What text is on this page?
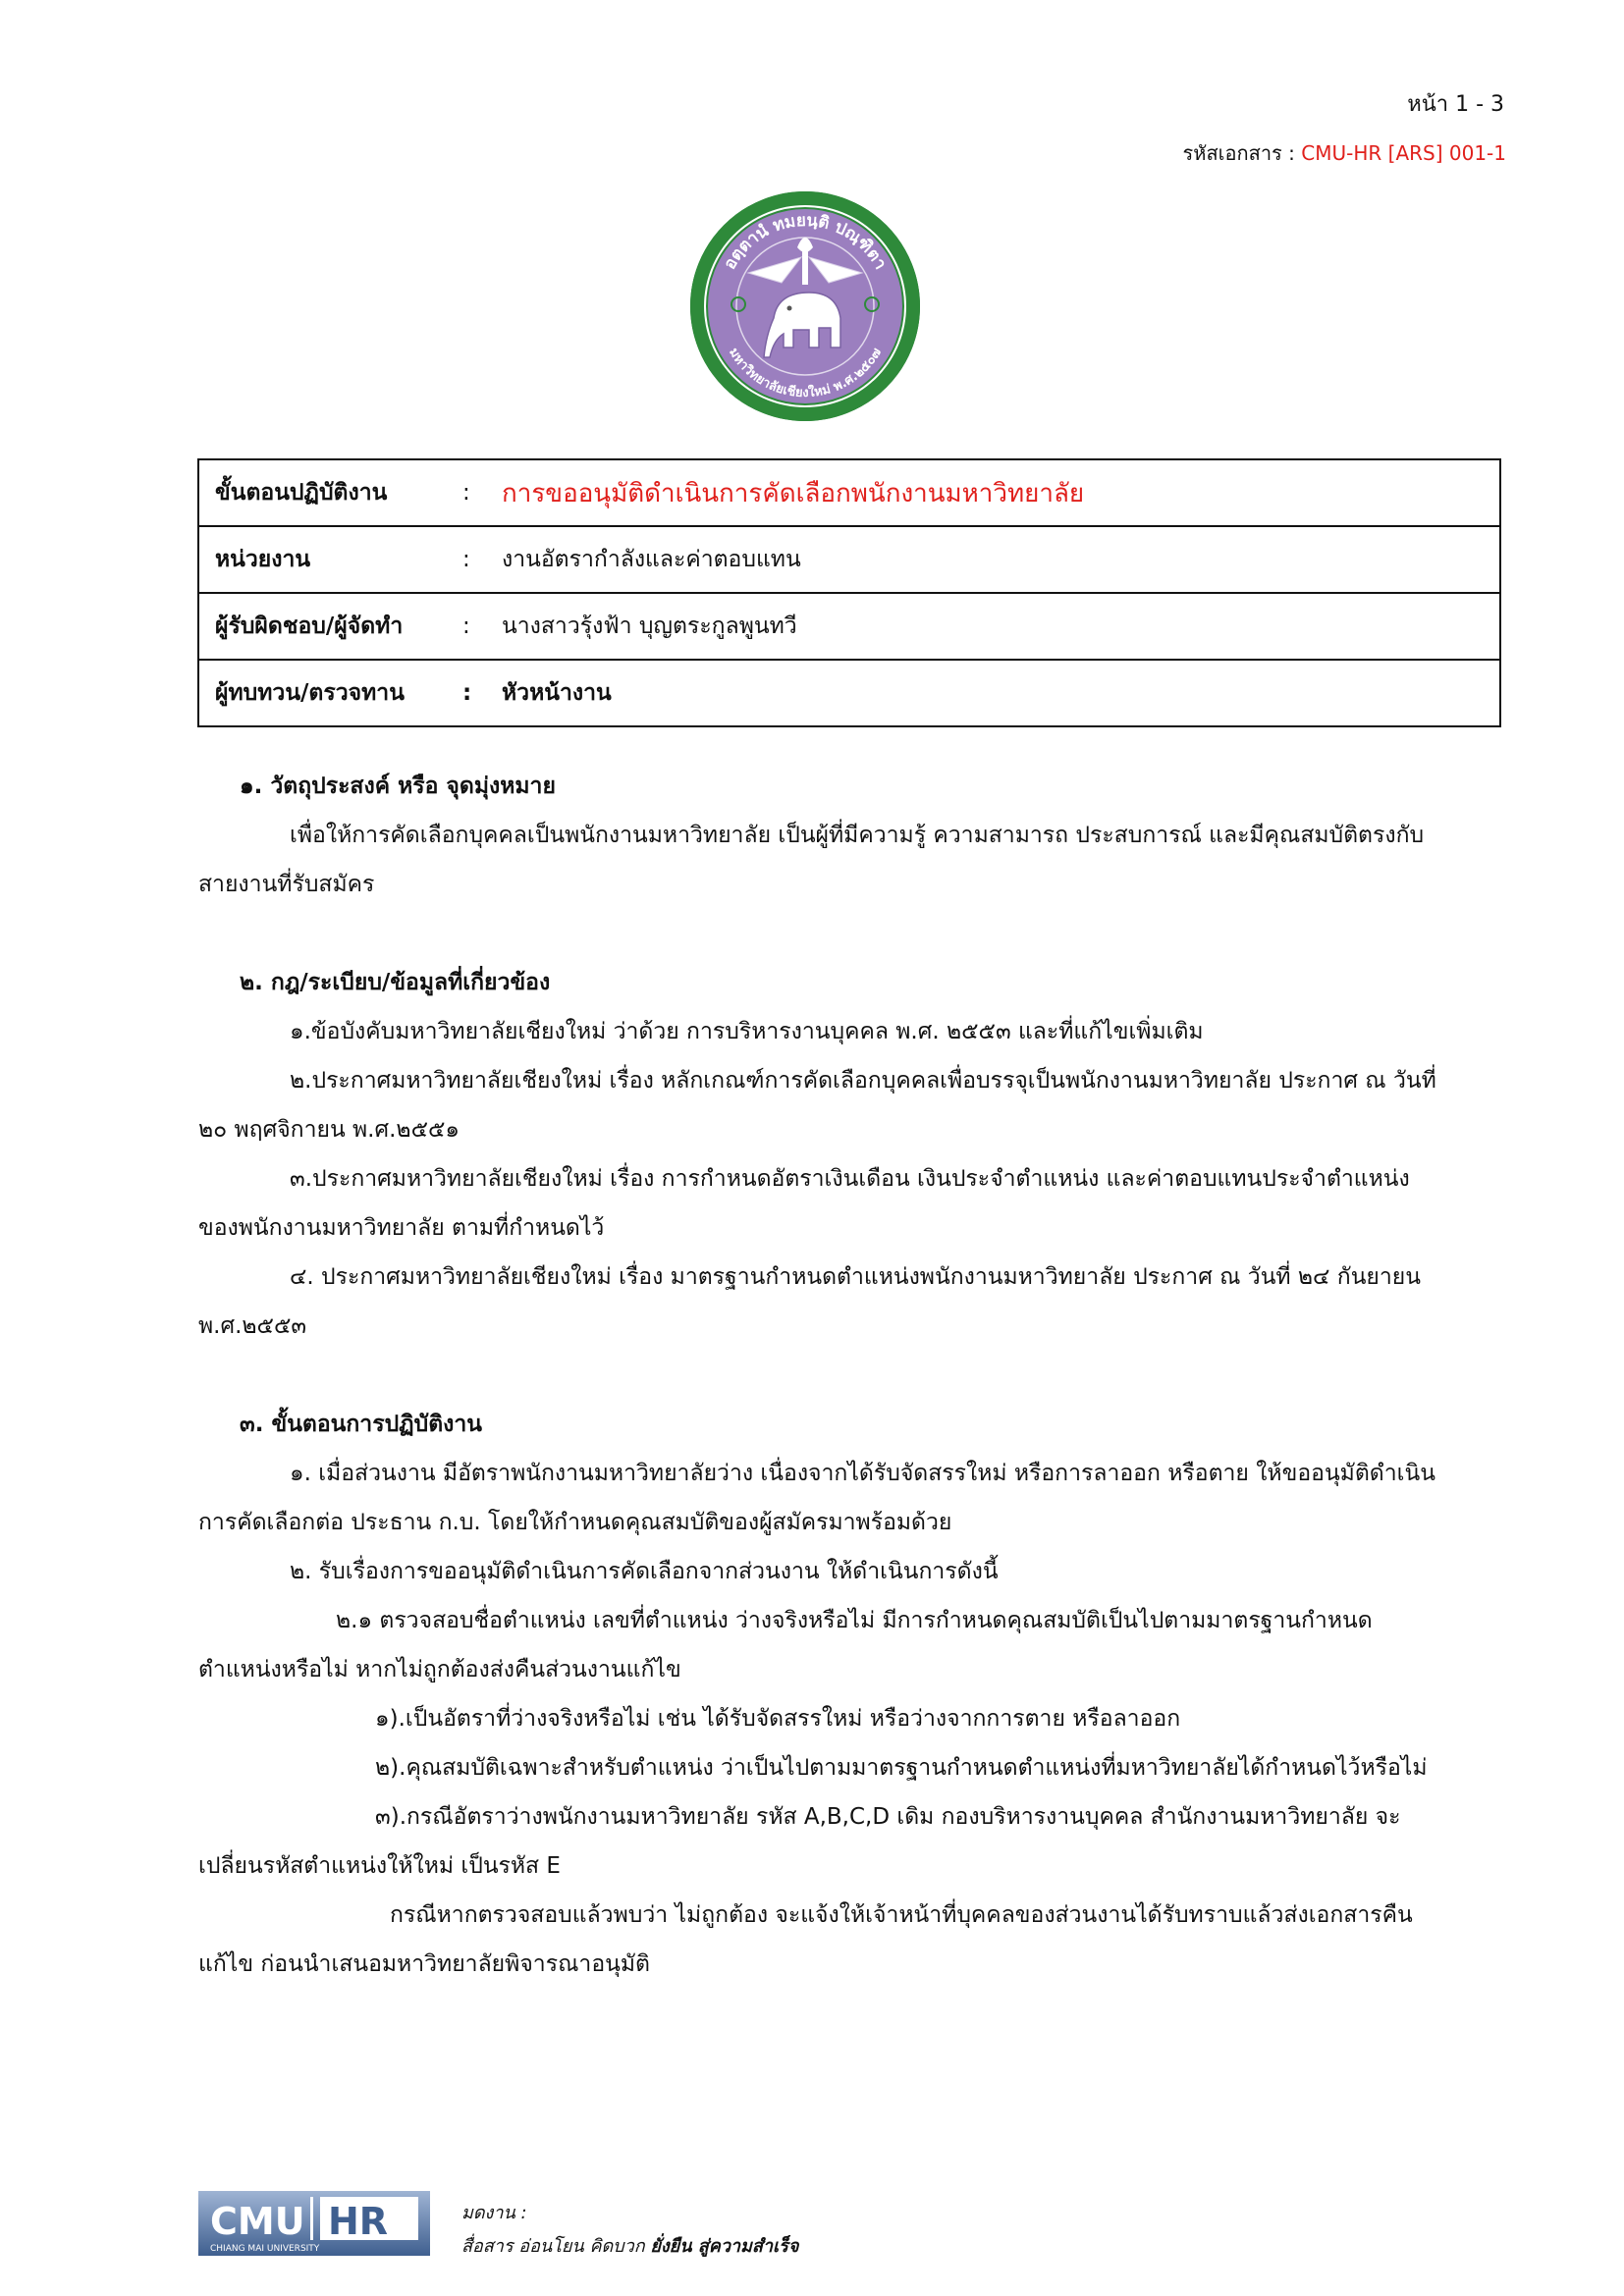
หน้า 1 - 3
รหัสเอกสาร : CMU-HR [ARS] 001-1
อตฺตานํ ทมยนฺติ ปณฺฑิตา
มหาวิทยาลัยเชียงใหม่ พ.ศ.๒๕๐๗
ขั้นตอนปฏิบัติงาน	:	การขออนุมัติดำเนินการคัดเลือกพนักงานมหาวิทยาลัย

หน่วยงาน	:	งานอัตรากำลังและค่าตอบแทน

ผู้รับผิดชอบ/ผู้จัดทำ	:	นางสาวรุ้งฟ้า บุญตระกูลพูนทวี

ผู้ทบทวน/ตรวจทาน	:	หัวหน้างาน
๑. วัตถุประสงค์ หรือ จุดมุ่งหมาย

เพื่อให้การคัดเลือกบุคคลเป็นพนักงานมหาวิทยาลัย เป็นผู้ที่มีความรู้ ความสามารถ ประสบการณ์ และมีคุณสมบัติตรงกับสายงานที่รับสมัคร

๒. กฎ/ระเบียบ/ข้อมูลที่เกี่ยวข้อง

๑.ข้อบังคับมหาวิทยาลัยเชียงใหม่ ว่าด้วย การบริหารงานบุคคล พ.ศ. ๒๕๕๓ และที่แก้ไขเพิ่มเติม

๒.ประกาศมหาวิทยาลัยเชียงใหม่ เรื่อง หลักเกณฑ์การคัดเลือกบุคคลเพื่อบรรจุเป็นพนักงานมหาวิทยาลัย ประกาศ ณ วันที่ ๒๐ พฤศจิกายน พ.ศ.๒๕๕๑

๓.ประกาศมหาวิทยาลัยเชียงใหม่ เรื่อง การกำหนดอัตราเงินเดือน เงินประจำตำแหน่ง และค่าตอบแทนประจำตำแหน่งของพนักงานมหาวิทยาลัย ตามที่กำหนดไว้

๔. ประกาศมหาวิทยาลัยเชียงใหม่ เรื่อง มาตรฐานกำหนดตำแหน่งพนักงานมหาวิทยาลัย ประกาศ ณ วันที่ ๒๔ กันยายน พ.ศ.๒๕๕๓

๓. ขั้นตอนการปฏิบัติงาน

๑. เมื่อส่วนงาน มีอัตราพนักงานมหาวิทยาลัยว่าง เนื่องจากได้รับจัดสรรใหม่ หรือการลาออก หรือตาย ให้ขออนุมัติดำเนินการคัดเลือกต่อ ประธาน ก.บ. โดยให้กำหนดคุณสมบัติของผู้สมัครมาพร้อมด้วย

๒. รับเรื่องการขออนุมัติดำเนินการคัดเลือกจากส่วนงาน ให้ดำเนินการดังนี้

๒.๑ ตรวจสอบชื่อตำแหน่ง เลขที่ตำแหน่ง ว่างจริงหรือไม่ มีการกำหนดคุณสมบัติเป็นไปตามมาตรฐานกำหนดตำแหน่งหรือไม่ หากไม่ถูกต้องส่งคืนส่วนงานแก้ไข

๑).เป็นอัตราที่ว่างจริงหรือไม่ เช่น ได้รับจัดสรรใหม่ หรือว่างจากการตาย หรือลาออก

๒).คุณสมบัติเฉพาะสำหรับตำแหน่ง ว่าเป็นไปตามมาตรฐานกำหนดตำแหน่งที่มหาวิทยาลัยได้กำหนดไว้หรือไม่

๓).กรณีอัตราว่างพนักงานมหาวิทยาลัย รหัส A,B,C,D เดิม กองบริหารงานบุคคล สำนักงานมหาวิทยาลัย จะเปลี่ยนรหัสตำแหน่งให้ใหม่ เป็นรหัส E

กรณีหากตรวจสอบแล้วพบว่า ไม่ถูกต้อง จะแจ้งให้เจ้าหน้าที่บุคคลของส่วนงานได้รับทราบแล้วส่งเอกสารคืนแก้ไข ก่อนนำเสนอมหาวิทยาลัยพิจารณาอนุมัติ

CMU HR
CHIANG MAI UNIVERSITY
มดงาน :
สื่อสาร อ่อนโยน คิดบวก ยั่งยืน สู่ความสำเร็จ
